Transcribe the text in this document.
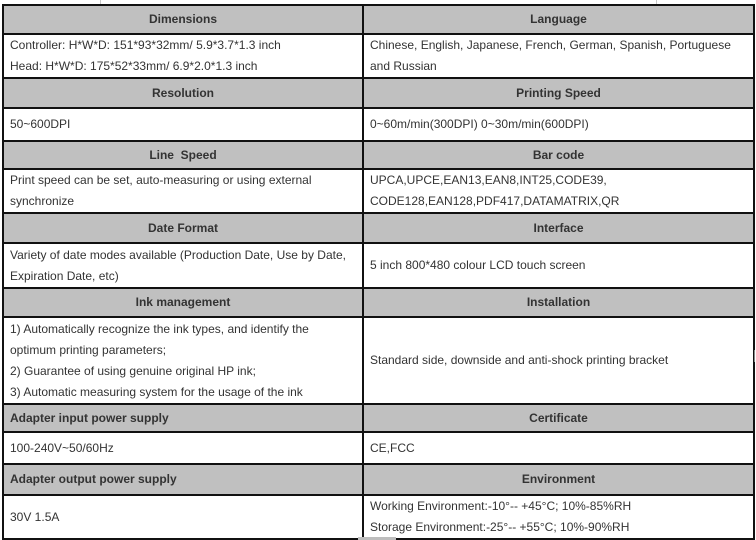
Dimensions	Language

Controller: H*W*D: 151*93*32mm/ 5.9*3.7*1.3 inch
Head: H*W*D: 175*52*33mm/ 6.9*2.0*1.3 inch	Chinese, English, Japanese, French, German, Spanish, Portuguese
and Russian

Resolution	Printing Speed

50~600DPI	0~60m/min(300DPI) 0~30m/min(600DPI)

Line  Speed	Bar code

Print speed can be set, auto-measuring or using external
synchronize	UPCA,UPCE,EAN13,EAN8,INT25,CODE39,
CODE128,EAN128,PDF417,DATAMATRIX,QR

Date Format	Interface

Variety of date modes available (Production Date, Use by Date,
Expiration Date, etc)	5 inch 800*480 colour LCD touch screen

Ink management	Installation

1) Automatically recognize the ink types, and identify the
optimum printing parameters;
2) Guarantee of using genuine original HP ink;
3) Automatic measuring system for the usage of the ink	Standard side, downside and anti-shock printing bracket

Adapter input power supply	Certificate

100-240V~50/60Hz	CE,FCC

Adapter output power supply	Environment

30V 1.5A	Working Environment:-10°-- +45°C; 10%-85%RH
Storage Environment:-25°-- +55°C; 10%-90%RH
